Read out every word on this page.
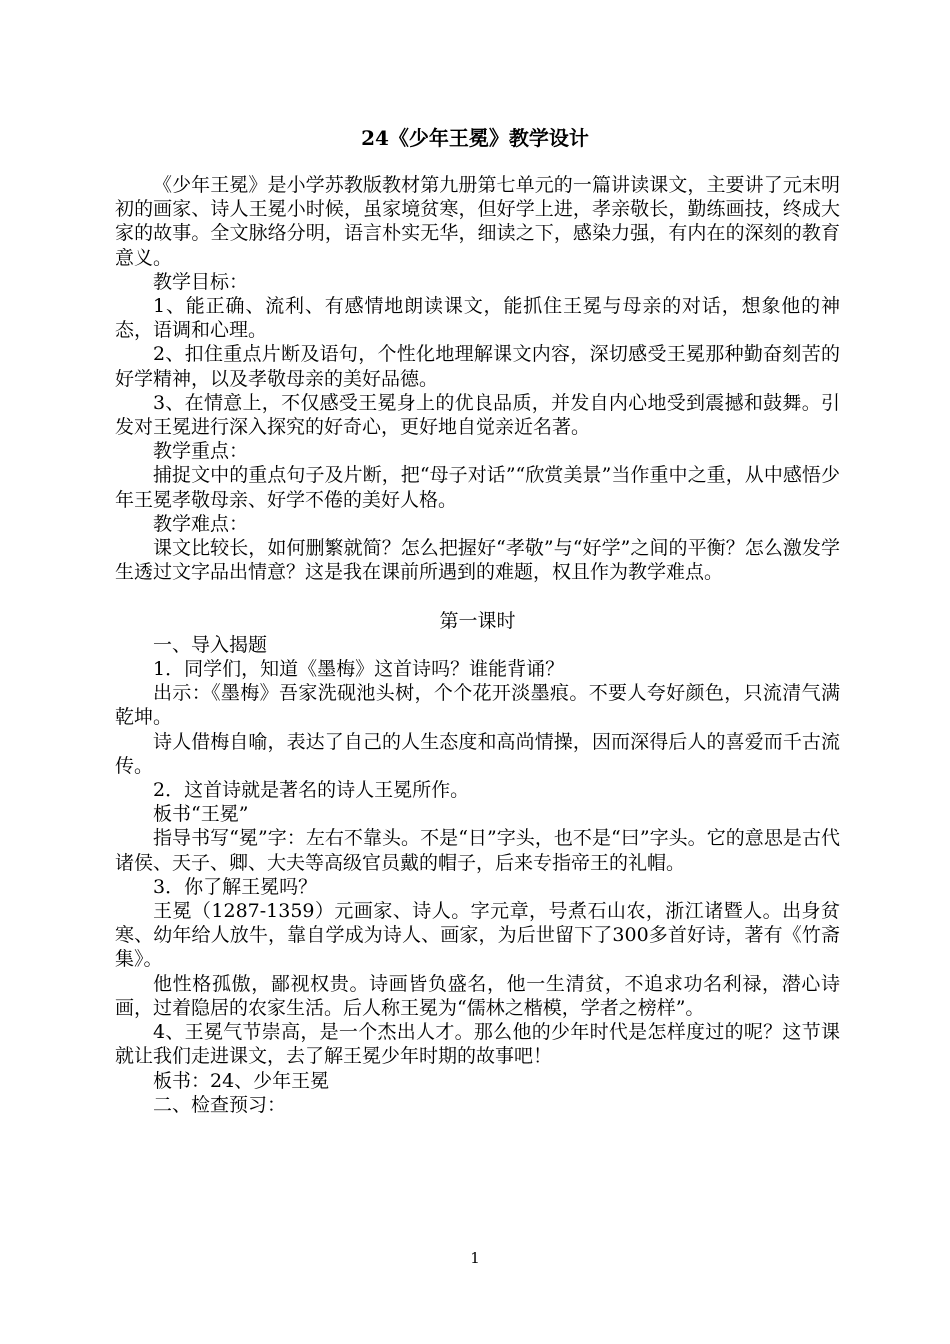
24《少年王冕》教学设计

《少年王冕》是小学苏教版教材第九册第七单元的一篇讲读课文，主要讲了元末明初的画家、诗人王冕小时候，虽家境贫寒，但好学上进，孝亲敬长，勤练画技，终成大家的故事。全文脉络分明，语言朴实无华，细读之下，感染力强，有内在的深刻的教育意义。

教学目标：

1、能正确、流利、有感情地朗读课文，能抓住王冕与母亲的对话，想象他的神态，语调和心理。

2、扣住重点片断及语句，个性化地理解课文内容，深切感受王冕那种勤奋刻苦的好学精神，以及孝敬母亲的美好品德。

3、在情意上，不仅感受王冕身上的优良品质，并发自内心地受到震撼和鼓舞。引发对王冕进行深入探究的好奇心，更好地自觉亲近名著。

教学重点：

捕捉文中的重点句子及片断，把“母子对话”“欣赏美景”当作重中之重，从中感悟少年王冕孝敬母亲、好学不倦的美好人格。

教学难点：

课文比较长，如何删繁就简？怎么把握好“孝敬”与“好学”之间的平衡？怎么激发学生透过文字品出情意？这是我在课前所遇到的难题，权且作为教学难点。

第一课时

一、导入揭题

1．同学们，知道《墨梅》这首诗吗？谁能背诵？

出示：《墨梅》吾家洗砚池头树，个个花开淡墨痕。不要人夸好颜色，只流清气满乾坤。

诗人借梅自喻，表达了自己的人生态度和高尚情操，因而深得后人的喜爱而千古流传。

2．这首诗就是著名的诗人王冕所作。

板书“王冕”

指导书写“冕”字：左右不靠头。不是“日”字头，也不是“曰”字头。它的意思是古代诸侯、天子、卿、大夫等高级官员戴的帽子，后来专指帝王的礼帽。

3．你了解王冕吗？

王冕（1287-1359）元画家、诗人。字元章，号煮石山农，浙江诸暨人。出身贫寒、幼年给人放牛，靠自学成为诗人、画家，为后世留下了300多首好诗，著有《竹斋集》。

他性格孤傲，鄙视权贵。诗画皆负盛名，他一生清贫，不追求功名利禄，潜心诗画，过着隐居的农家生活。后人称王冕为“儒林之楷模，学者之榜样”。

4、王冕气节崇高，是一个杰出人才。那么他的少年时代是怎样度过的呢？这节课就让我们走进课文，去了解王冕少年时期的故事吧！

板书：24、少年王冕

二、检查预习：

1
